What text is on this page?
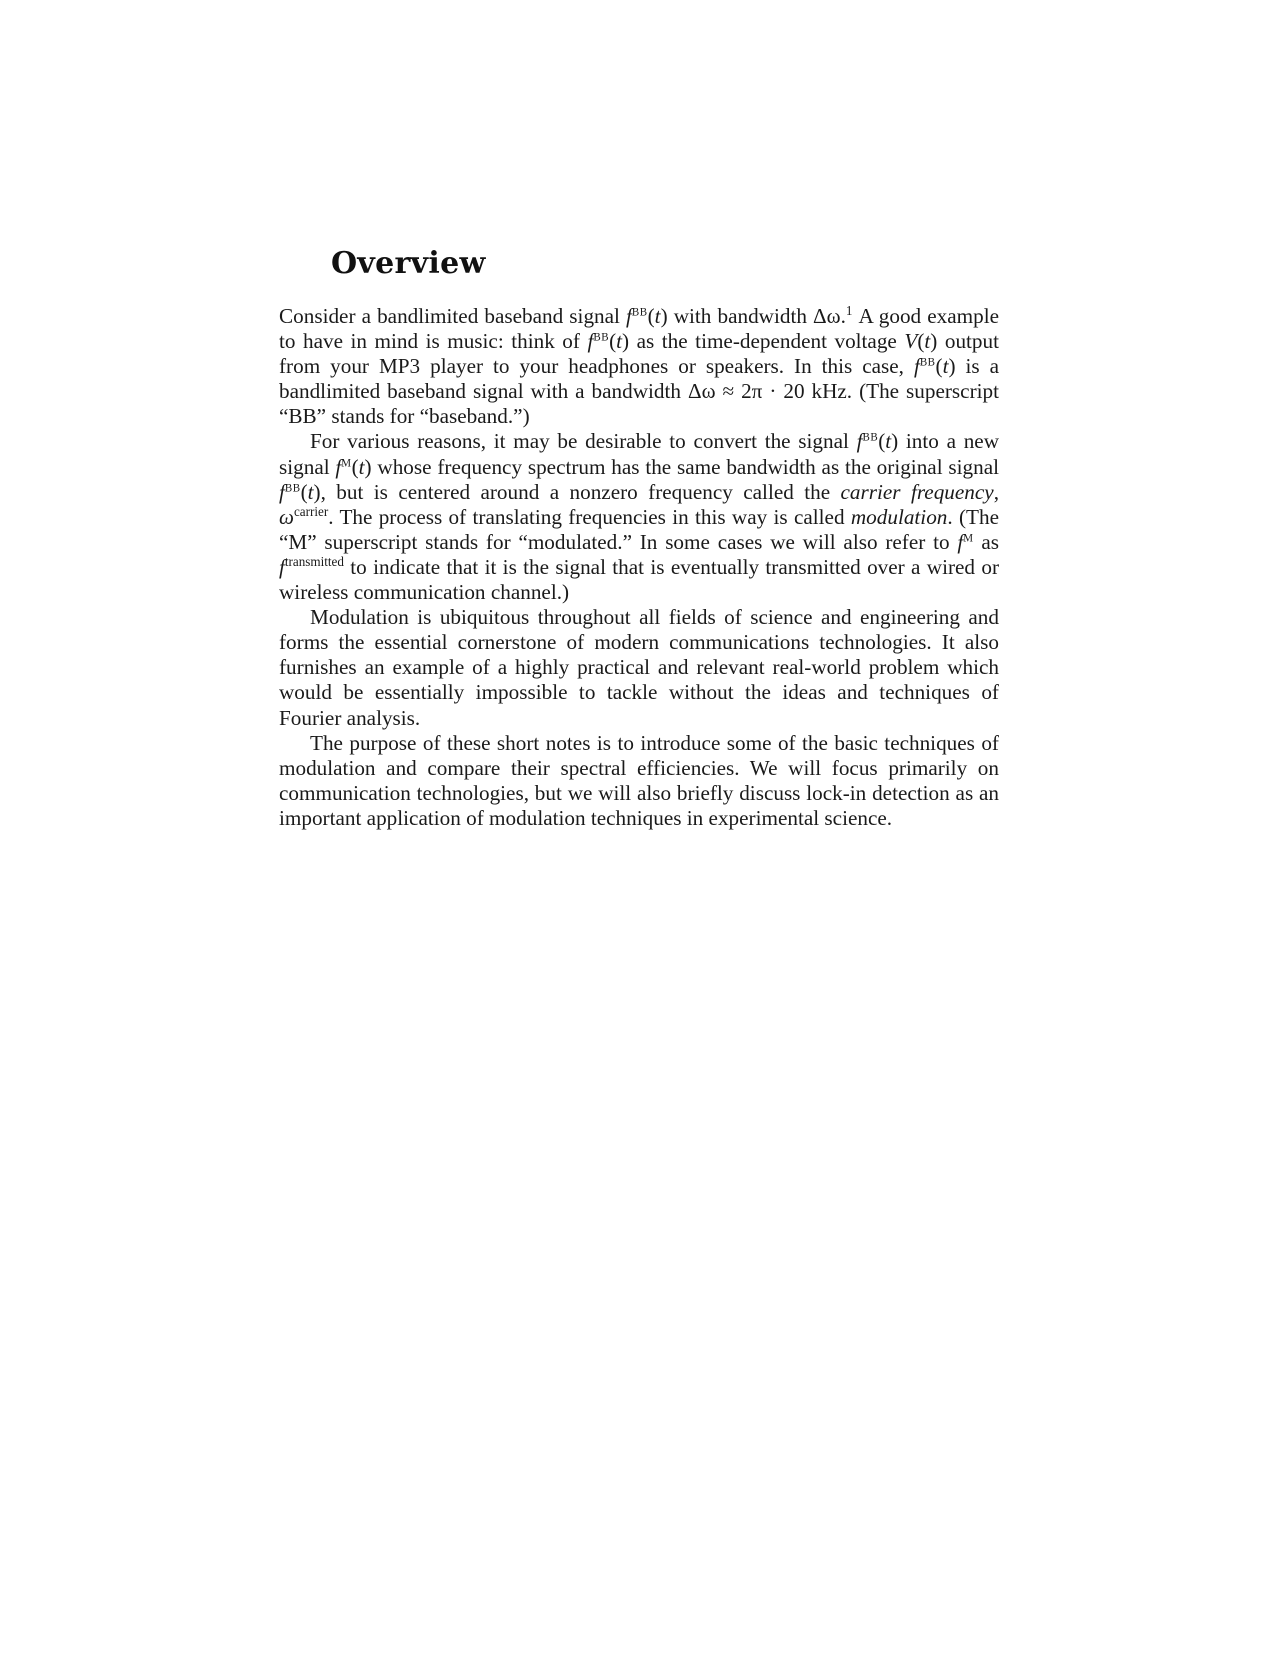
Overview

Consider a bandlimited baseband signal $f^{BB}(t)$ with bandwidth Δω.$^1$ A good example to have in mind is music: think of $f^{BB}(t)$ as the time-dependent voltage V(t) output from your MP3 player to your headphones or speakers. In this case, $f^{BB}(t)$ is a bandlimited baseband signal with a bandwidth Δω ≈ 2π · 20 kHz. (The superscript “BB” stands for “baseband.”)

For various reasons, it may be desirable to convert the signal $f^{BB}(t)$ into a new signal $f^M(t)$ whose frequency spectrum has the same bandwidth as the original signal $f^{BB}(t)$, but is centered around a nonzero frequency called the carrier frequency, $\omega^{carrier}$. The process of translating frequencies in this way is called modulation. (The “M” superscript stands for “modulated.” In some cases we will also refer to $f^M$ as $f^{transmitted}$ to indicate that it is the signal that is eventually transmitted over a wired or wireless communication channel.)

Modulation is ubiquitous throughout all fields of science and engineering and forms the essential cornerstone of modern communications technologies. It also furnishes an example of a highly practical and relevant real-world problem which would be essentially impossible to tackle without the ideas and techniques of Fourier analysis.

The purpose of these short notes is to introduce some of the basic techniques of modulation and compare their spectral efficiencies. We will focus primarily on communication technologies, but we will also briefly discuss lock-in detection as an important application of modulation techniques in experimental science.
